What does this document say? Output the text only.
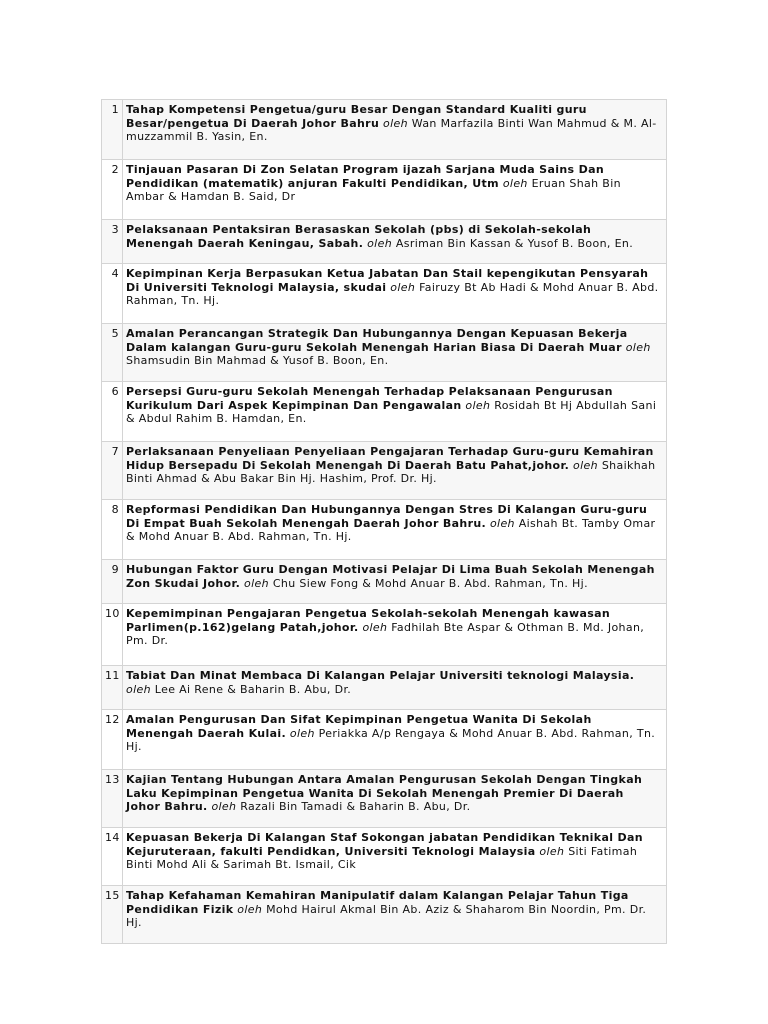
1	Tahap Kompetensi Pengetua/guru Besar Dengan Standard Kualiti guru Besar/pengetua Di Daerah Johor Bahru oleh Wan Marfazila Binti Wan Mahmud & M. Al-muzzammil B. Yasin, En.
2	Tinjauan Pasaran Di Zon Selatan Program ijazah Sarjana Muda Sains Dan Pendidikan (matematik) anjuran Fakulti Pendidikan, Utm oleh Eruan Shah Bin Ambar & Hamdan B. Said, Dr
3	Pelaksanaan Pentaksiran Berasaskan Sekolah (pbs) di Sekolah-sekolah Menengah Daerah Keningau, Sabah. oleh Asriman Bin Kassan & Yusof B. Boon, En.
4	Kepimpinan Kerja Berpasukan Ketua Jabatan Dan Stail kepengikutan Pensyarah Di Universiti Teknologi Malaysia, skudai oleh Fairuzy Bt Ab Hadi & Mohd Anuar B. Abd. Rahman, Tn. Hj.
5	Amalan Perancangan Strategik Dan Hubungannya Dengan Kepuasan Bekerja Dalam kalangan Guru-guru Sekolah Menengah Harian Biasa Di Daerah Muar oleh Shamsudin Bin Mahmad & Yusof B. Boon, En.
6	Persepsi Guru-guru Sekolah Menengah Terhadap Pelaksanaan Pengurusan Kurikulum Dari Aspek Kepimpinan Dan Pengawalan oleh Rosidah Bt Hj Abdullah Sani & Abdul Rahim B. Hamdan, En.
7	Perlaksanaan Penyeliaan Penyeliaan Pengajaran Terhadap Guru-guru Kemahiran Hidup Bersepadu Di Sekolah Menengah Di Daerah Batu Pahat,johor. oleh Shaikhah Binti Ahmad & Abu Bakar Bin Hj. Hashim, Prof. Dr. Hj.
8	Repformasi Pendidikan Dan Hubungannya Dengan Stres Di Kalangan Guru-guru Di Empat Buah Sekolah Menengah Daerah Johor Bahru. oleh Aishah Bt. Tamby Omar & Mohd Anuar B. Abd. Rahman, Tn. Hj.
9	Hubungan Faktor Guru Dengan Motivasi Pelajar Di Lima Buah Sekolah Menengah Zon Skudai Johor. oleh Chu Siew Fong & Mohd Anuar B. Abd. Rahman, Tn. Hj.
10	Kepemimpinan Pengajaran Pengetua Sekolah-sekolah Menengah kawasan Parlimen(p.162)gelang Patah,johor. oleh Fadhilah Bte Aspar & Othman B. Md. Johan, Pm. Dr.
11	Tabiat Dan Minat Membaca Di Kalangan Pelajar Universiti teknologi Malaysia. oleh Lee Ai Rene & Baharin B. Abu, Dr.
12	Amalan Pengurusan Dan Sifat Kepimpinan Pengetua Wanita Di Sekolah Menengah Daerah Kulai. oleh Periakka A/p Rengaya & Mohd Anuar B. Abd. Rahman, Tn. Hj.
13	Kajian Tentang Hubungan Antara Amalan Pengurusan Sekolah Dengan Tingkah Laku Kepimpinan Pengetua Wanita Di Sekolah Menengah Premier Di Daerah Johor Bahru. oleh Razali Bin Tamadi & Baharin B. Abu, Dr.
14	Kepuasan Bekerja Di Kalangan Staf Sokongan jabatan Pendidikan Teknikal Dan Kejuruteraan, fakulti Pendidkan, Universiti Teknologi Malaysia oleh Siti Fatimah Binti Mohd Ali & Sarimah Bt. Ismail, Cik
15	Tahap Kefahaman Kemahiran Manipulatif dalam Kalangan Pelajar Tahun Tiga Pendidikan Fizik oleh Mohd Hairul Akmal Bin Ab. Aziz & Shaharom Bin Noordin, Pm. Dr. Hj.
